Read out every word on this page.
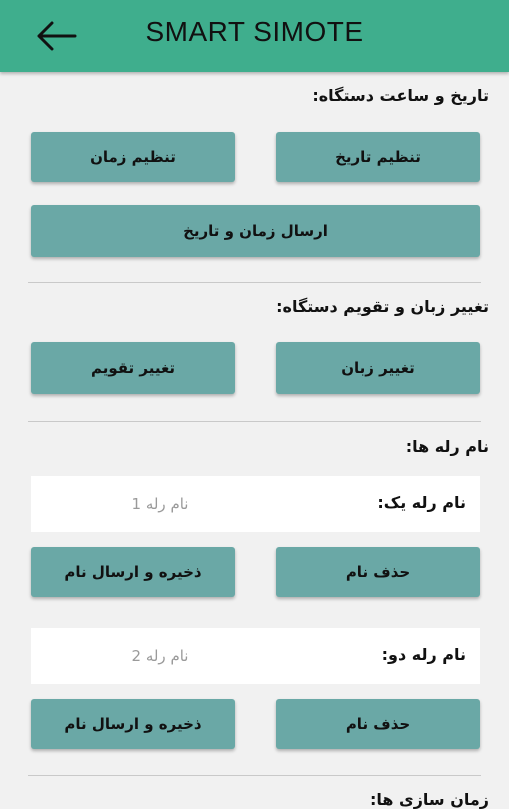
SMART SIMOTE
تاریخ و ساعت دستگاه:
تنظیم تاریخ
تنظیم زمان
ارسال زمان و تاریخ
تغییر زبان و تقویم دستگاه:
تغییر زبان
تغییر تقویم
نام رله ها:
نام رله یک:
نام رله 1
حذف نام
ذخیره و ارسال نام
نام رله دو:
نام رله 2
حذف نام
ذخیره و ارسال نام
زمان سازی ها:
